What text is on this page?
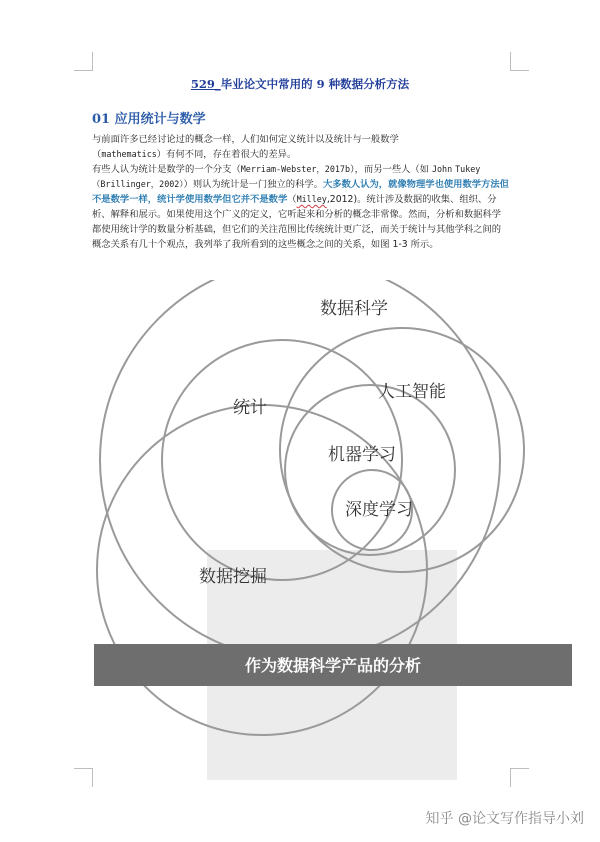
529_毕业论文中常用的 9 种数据分析方法
01 应用统计与数学

与前面许多已经讨论过的概念一样，人们如何定义统计以及统计与一般数学
（mathematics）有何不同，存在着很大的差异。

有些人认为统计是数学的一个分支（Merriam-Webster，2017b），而另一些人（如 John Tukey（Brillinger，2002））则认为统计是一门独立的科学。大多数人认为，就像物理学也使用数学方法但不是数学一样，统计学使用数学但它并不是数学（Milley,2012)。统计涉及数据的收集、组织、分析、解释和展示。如果使用这个广义的定义，它听起来和分析的概念非常像。然而，分析和数据科学都使用统计学的数量分析基础，但它们的关注范围比传统统计更广泛，而关于统计与其他学科之间的概念关系有几十个观点，我列举了我所看到的这些概念之间的关系，如图 1-3 所示。

数据科学
统计
人工智能
机器学习
深度学习
数据挖掘
作为数据科学产品的分析
知乎 @论文写作指导小刘
